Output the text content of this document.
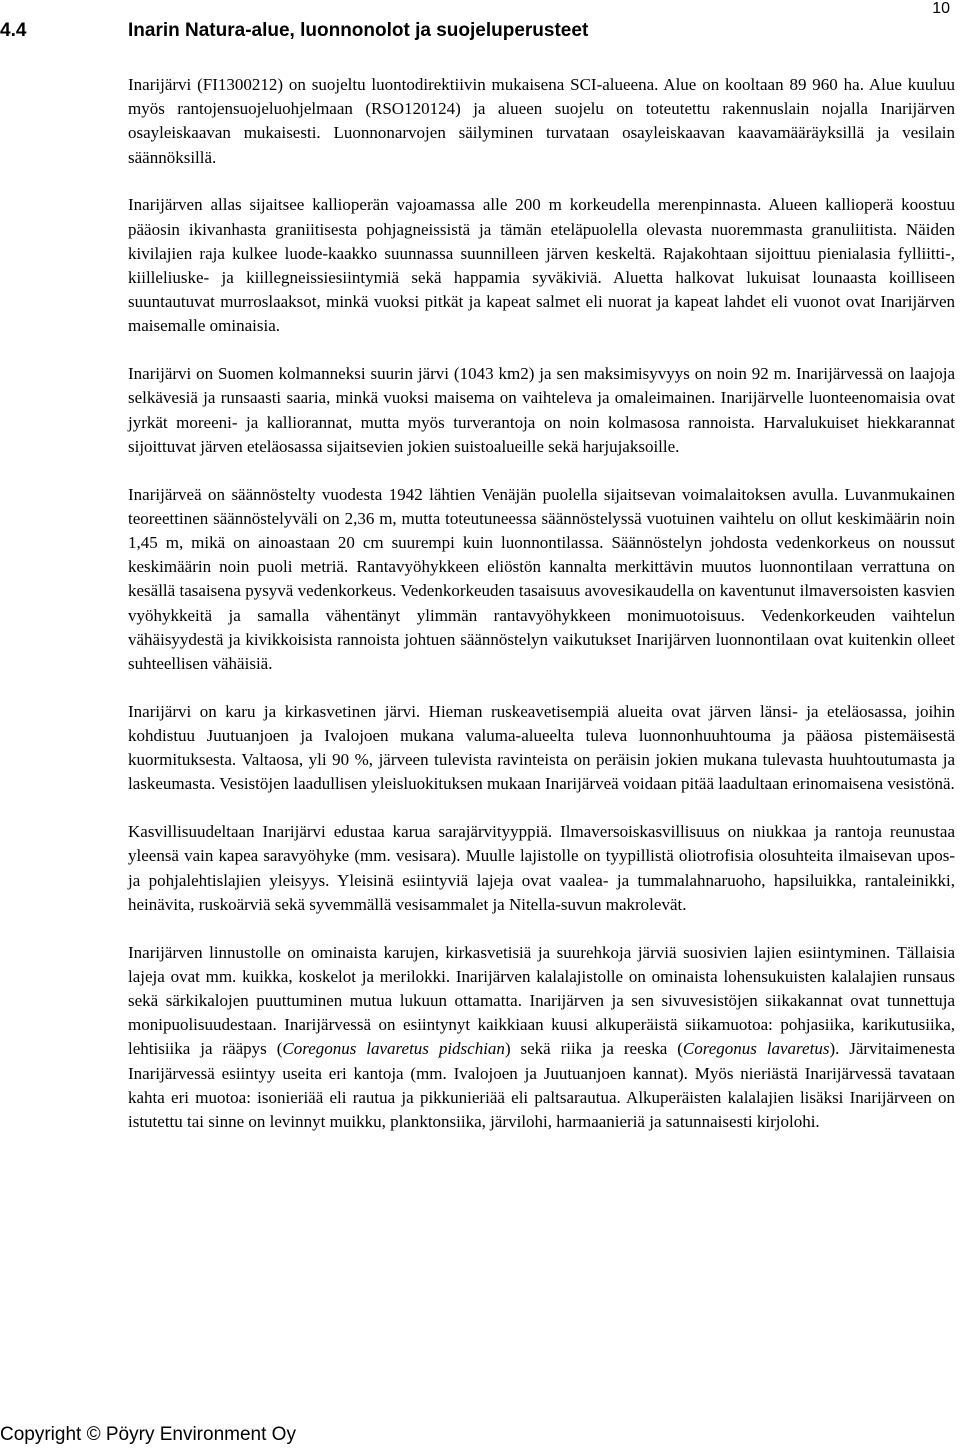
10
4.4	Inarin Natura-alue, luonnonolot ja suojeluperusteet

Inarijärvi (FI1300212) on suojeltu luontodirektiivin mukaisena SCI-alueena. Alue on kooltaan 89 960 ha. Alue kuuluu myös rantojensuojeluohjelmaan (RSO120124) ja alueen suojelu on toteutettu rakennuslain nojalla Inarijärven osayleiskaavan mukaisesti. Luonnonarvojen säilyminen turvataan osayleiskaavan kaavamääräyksillä ja vesilain säännöksillä.

Inarijärven allas sijaitsee kallioperän vajoamassa alle 200 m korkeudella merenpinnasta. Alueen kallioperä koostuu pääosin ikivanhasta graniitisesta pohjagneissistä ja tämän eteläpuolella olevasta nuoremmasta granuliitista. Näiden kivilajien raja kulkee luode-kaakko suunnassa suunnilleen järven keskeltä. Rajakohtaan sijoittuu pienialasia fylliitti-, kiilleliuske- ja kiillegneissiesiintymiä sekä happamia syväkiviä. Aluetta halkovat lukuisat lounaasta koilliseen suuntautuvat murroslaaksot, minkä vuoksi pitkät ja kapeat salmet eli nuorat ja kapeat lahdet eli vuonot ovat Inarijärven maisemalle ominaisia.

Inarijärvi on Suomen kolmanneksi suurin järvi (1043 km2) ja sen maksimisyvyys on noin 92 m. Inarijärvessä on laajoja selkävesiä ja runsaasti saaria, minkä vuoksi maisema on vaihteleva ja omaleimainen. Inarijärvelle luonteenomaisia ovat jyrkät moreeni- ja kalliorannat, mutta myös turverantoja on noin kolmasosa rannoista. Harvalukuiset hiekkarannat sijoittuvat järven eteläosassa sijaitsevien jokien suistoalueille sekä harjujaksoille.

Inarijärveä on säännöstelty vuodesta 1942 lähtien Venäjän puolella sijaitsevan voimalaitoksen avulla. Luvanmukainen teoreettinen säännöstelyväli on 2,36 m, mutta toteutuneessa säännöstelyssä vuotuinen vaihtelu on ollut keskimäärin noin 1,45 m, mikä on ainoastaan 20 cm suurempi kuin luonnontilassa. Säännöstelyn johdosta vedenkorkeus on noussut keskimäärin noin puoli metriä. Rantavyöhykkeen eliöstön kannalta merkittävin muutos luonnontilaan verrattuna on kesällä tasaisena pysyvä vedenkorkeus. Vedenkorkeuden tasaisuus avovesikaudella on kaventunut ilmaversoisten kasvien vyöhykkeitä ja samalla vähentänyt ylimmän rantavyöhykkeen monimuotoisuus. Vedenkorkeuden vaihtelun vähäisyydestä ja kivikkoisista rannoista johtuen säännöstelyn vaikutukset Inarijärven luonnontilaan ovat kuitenkin olleet suhteellisen vähäisiä.

Inarijärvi on karu ja kirkasvetinen järvi. Hieman ruskeavetisempiä alueita ovat järven länsi- ja eteläosassa, joihin kohdistuu Juutuanjoen ja Ivalojoen mukana valuma-alueelta tuleva luonnonhuuhtouma ja pääosa pistemäisestä kuormituksesta. Valtaosa, yli 90 %, järveen tulevista ravinteista on peräisin jokien mukana tulevasta huuhtoutumasta ja laskeumasta. Vesistöjen laadullisen yleisluokituksen mukaan Inarijärveä voidaan pitää laadultaan erinomaisena vesistönä.

Kasvillisuudeltaan Inarijärvi edustaa karua sarajärvityyppiä. Ilmaversoiskasvillisuus on niukkaa ja rantoja reunustaa yleensä vain kapea saravyöhyke (mm. vesisara). Muulle lajistolle on tyypillistä oliotrofisia olosuhteita ilmaisevan upos- ja pohjalehtislajien yleisyys. Yleisinä esiintyviä lajeja ovat vaalea- ja tummalahnaruoho, hapsiluikka, rantaleinikki, heinävita, ruskoärviä sekä syvemmällä vesisammalet ja Nitella-suvun makrolevät.

Inarijärven linnustolle on ominaista karujen, kirkasvetisiä ja suurehkoja järviä suosivien lajien esiintyminen. Tällaisia lajeja ovat mm. kuikka, koskelot ja merilokki. Inarijärven kalalajistolle on ominaista lohensukuisten kalalajien runsaus sekä särkikalojen puuttuminen mutua lukuun ottamatta. Inarijärven ja sen sivuvesistöjen siikakannat ovat tunnettuja monipuolisuudestaan. Inarijärvessä on esiintynyt kaikkiaan kuusi alkuperäistä siikamuotoa: pohjasiika, karikutusiika, lehtisiika ja rääpys (Coregonus lavaretus pidschian) sekä riika ja reeska (Coregonus lavaretus). Järvitaimenesta Inarijärvessä esiintyy useita eri kantoja (mm. Ivalojoen ja Juutuanjoen kannat). Myös nieriästä Inarijärvessä tavataan kahta eri muotoa: isonieriää eli rautua ja pikkunieriää eli paltsarautua. Alkuperäisten kalalajien lisäksi Inarijärveen on istutettu tai sinne on levinnyt muikku, planktonsiika, järvilohi, harmaanieriä ja satunnaisesti kirjolohi.

Copyright © Pöyry Environment Oy
